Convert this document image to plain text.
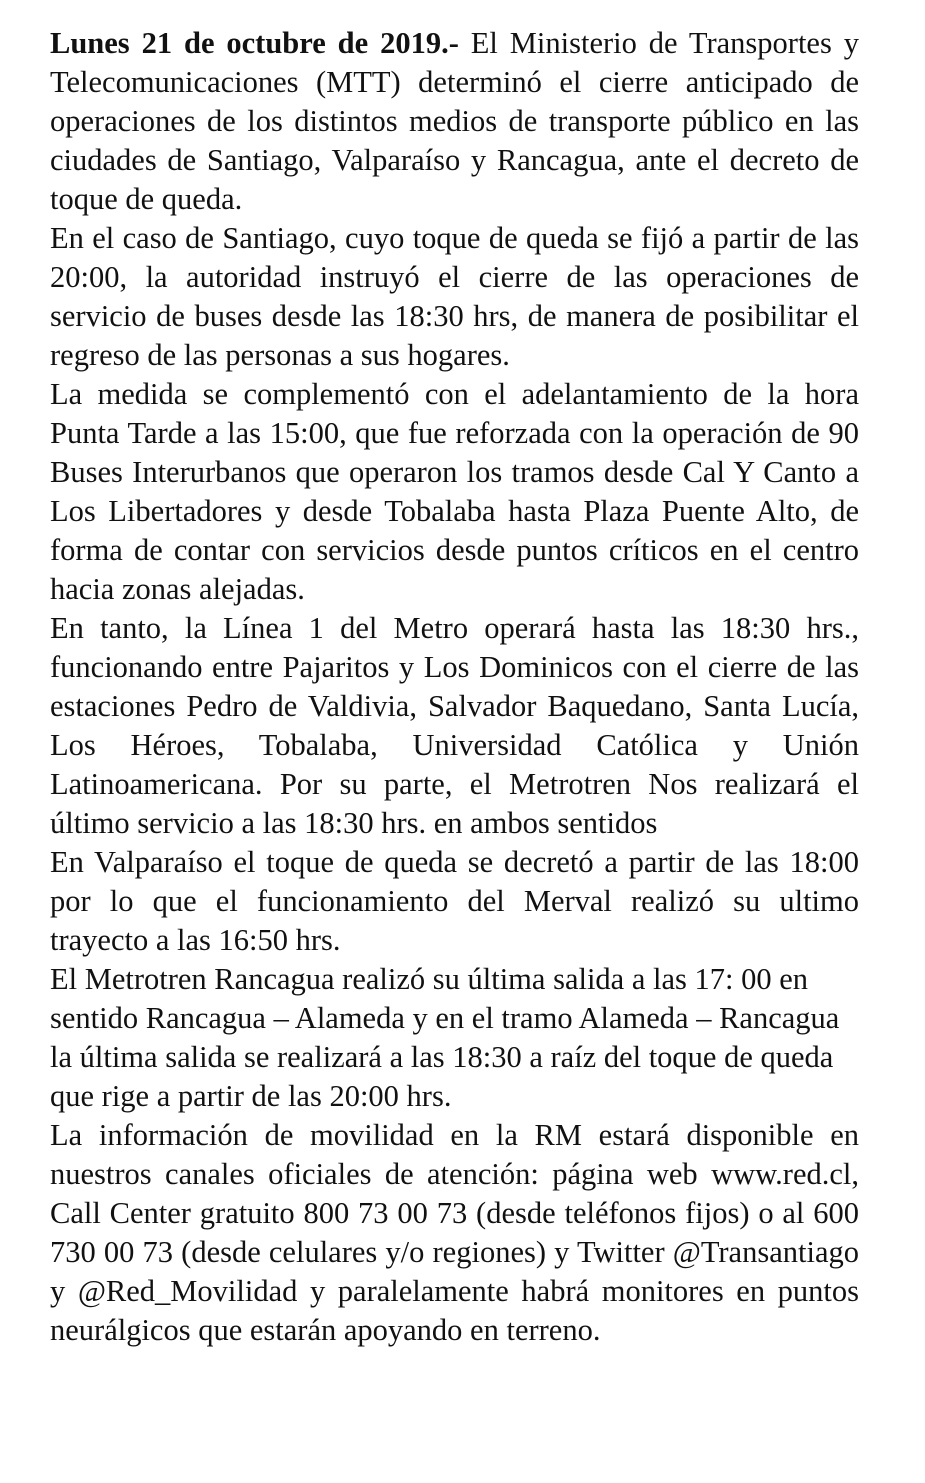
Lunes 21 de octubre de 2019.- El Ministerio de Transportes y Telecomunicaciones (MTT) determinó el cierre anticipado de operaciones de los distintos medios de transporte público en las ciudades de Santiago, Valparaíso y Rancagua, ante el decreto de toque de queda.

En el caso de Santiago, cuyo toque de queda se fijó a partir de las 20:00, la autoridad instruyó el cierre de las operaciones de servicio de buses desde las 18:30 hrs, de manera de posibilitar el regreso de las personas a sus hogares.

La medida se complementó con el adelantamiento de la hora Punta Tarde a las 15:00, que fue reforzada con la operación de 90 Buses Interurbanos que operaron los tramos desde Cal Y Canto a Los Libertadores y desde Tobalaba hasta Plaza Puente Alto, de forma de contar con servicios desde puntos críticos en el centro hacia zonas alejadas.

En tanto, la Línea 1 del Metro operará hasta las 18:30 hrs., funcionando entre Pajaritos y Los Dominicos con el cierre de las estaciones Pedro de Valdivia, Salvador Baquedano, Santa Lucía, Los Héroes, Tobalaba, Universidad Católica y Unión Latinoamericana. Por su parte, el Metrotren Nos realizará el último servicio a las 18:30 hrs. en ambos sentidos

En Valparaíso el toque de queda se decretó a partir de las 18:00 por lo que el funcionamiento del Merval realizó su ultimo trayecto a las 16:50 hrs.

El Metrotren Rancagua realizó su última salida a las 17: 00 en sentido Rancagua – Alameda y en el tramo Alameda – Rancagua la última salida se realizará a las 18:30 a raíz del toque de queda que rige a partir de las 20:00 hrs.

La información de movilidad en la RM estará disponible en nuestros canales oficiales de atención: página web www.red.cl, Call Center gratuito 800 73 00 73 (desde teléfonos fijos) o al 600 730 00 73 (desde celulares y/o regiones) y Twitter @Transantiago y @Red_Movilidad y paralelamente habrá monitores en puntos neurálgicos que estarán apoyando en terreno.
